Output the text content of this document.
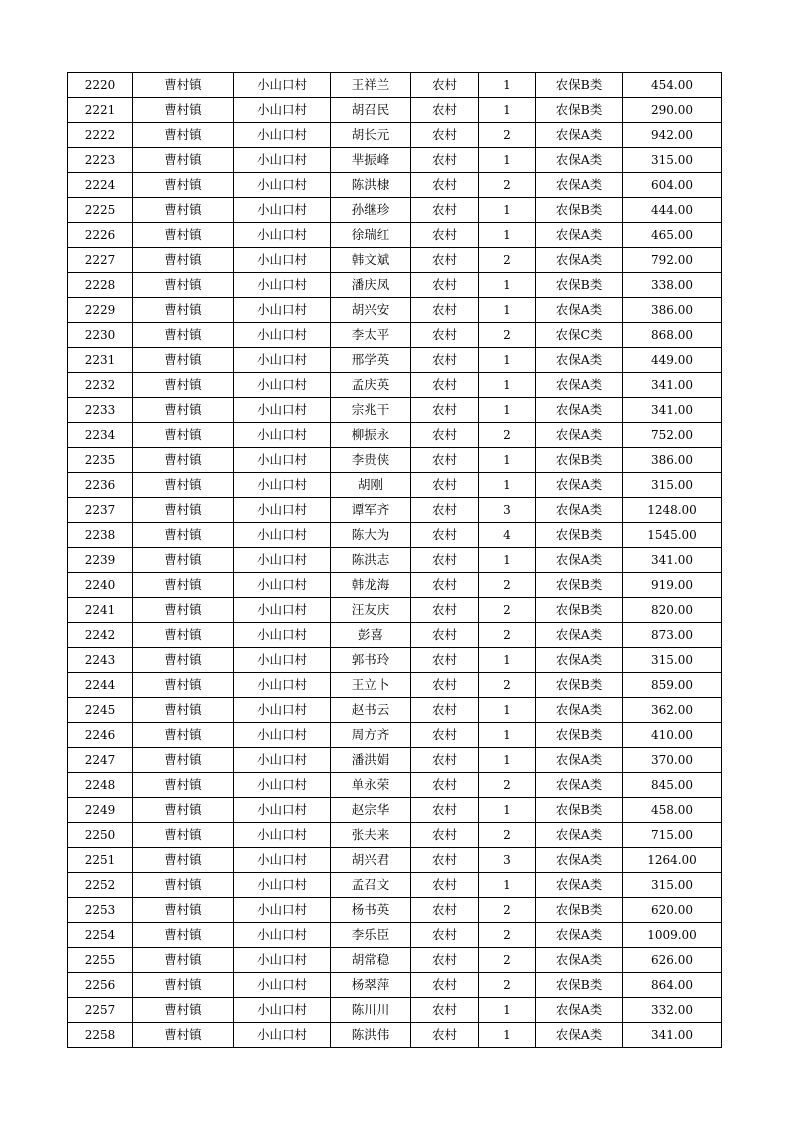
2220	曹村镇	小山口村	王祥兰	农村	1	农保B类	454.00
2221	曹村镇	小山口村	胡召民	农村	1	农保B类	290.00
2222	曹村镇	小山口村	胡长元	农村	2	农保A类	942.00
2223	曹村镇	小山口村	芈振峰	农村	1	农保A类	315.00
2224	曹村镇	小山口村	陈洪棣	农村	2	农保A类	604.00
2225	曹村镇	小山口村	孙继珍	农村	1	农保B类	444.00
2226	曹村镇	小山口村	徐瑞红	农村	1	农保A类	465.00
2227	曹村镇	小山口村	韩文斌	农村	2	农保A类	792.00
2228	曹村镇	小山口村	潘庆凤	农村	1	农保B类	338.00
2229	曹村镇	小山口村	胡兴安	农村	1	农保A类	386.00
2230	曹村镇	小山口村	李太平	农村	2	农保C类	868.00
2231	曹村镇	小山口村	邢学英	农村	1	农保A类	449.00
2232	曹村镇	小山口村	孟庆英	农村	1	农保A类	341.00
2233	曹村镇	小山口村	宗兆干	农村	1	农保A类	341.00
2234	曹村镇	小山口村	柳振永	农村	2	农保A类	752.00
2235	曹村镇	小山口村	李贵侠	农村	1	农保B类	386.00
2236	曹村镇	小山口村	胡刚	农村	1	农保A类	315.00
2237	曹村镇	小山口村	谭军齐	农村	3	农保A类	1248.00
2238	曹村镇	小山口村	陈大为	农村	4	农保B类	1545.00
2239	曹村镇	小山口村	陈洪志	农村	1	农保A类	341.00
2240	曹村镇	小山口村	韩龙海	农村	2	农保B类	919.00
2241	曹村镇	小山口村	汪友庆	农村	2	农保B类	820.00
2242	曹村镇	小山口村	彭喜	农村	2	农保A类	873.00
2243	曹村镇	小山口村	郭书玲	农村	1	农保A类	315.00
2244	曹村镇	小山口村	王立卜	农村	2	农保B类	859.00
2245	曹村镇	小山口村	赵书云	农村	1	农保A类	362.00
2246	曹村镇	小山口村	周方齐	农村	1	农保B类	410.00
2247	曹村镇	小山口村	潘洪娟	农村	1	农保A类	370.00
2248	曹村镇	小山口村	单永荣	农村	2	农保A类	845.00
2249	曹村镇	小山口村	赵宗华	农村	1	农保B类	458.00
2250	曹村镇	小山口村	张夫来	农村	2	农保A类	715.00
2251	曹村镇	小山口村	胡兴君	农村	3	农保A类	1264.00
2252	曹村镇	小山口村	孟召文	农村	1	农保A类	315.00
2253	曹村镇	小山口村	杨书英	农村	2	农保B类	620.00
2254	曹村镇	小山口村	李乐臣	农村	2	农保A类	1009.00
2255	曹村镇	小山口村	胡常稳	农村	2	农保A类	626.00
2256	曹村镇	小山口村	杨翠萍	农村	2	农保B类	864.00
2257	曹村镇	小山口村	陈川川	农村	1	农保A类	332.00
2258	曹村镇	小山口村	陈洪伟	农村	1	农保A类	341.00
